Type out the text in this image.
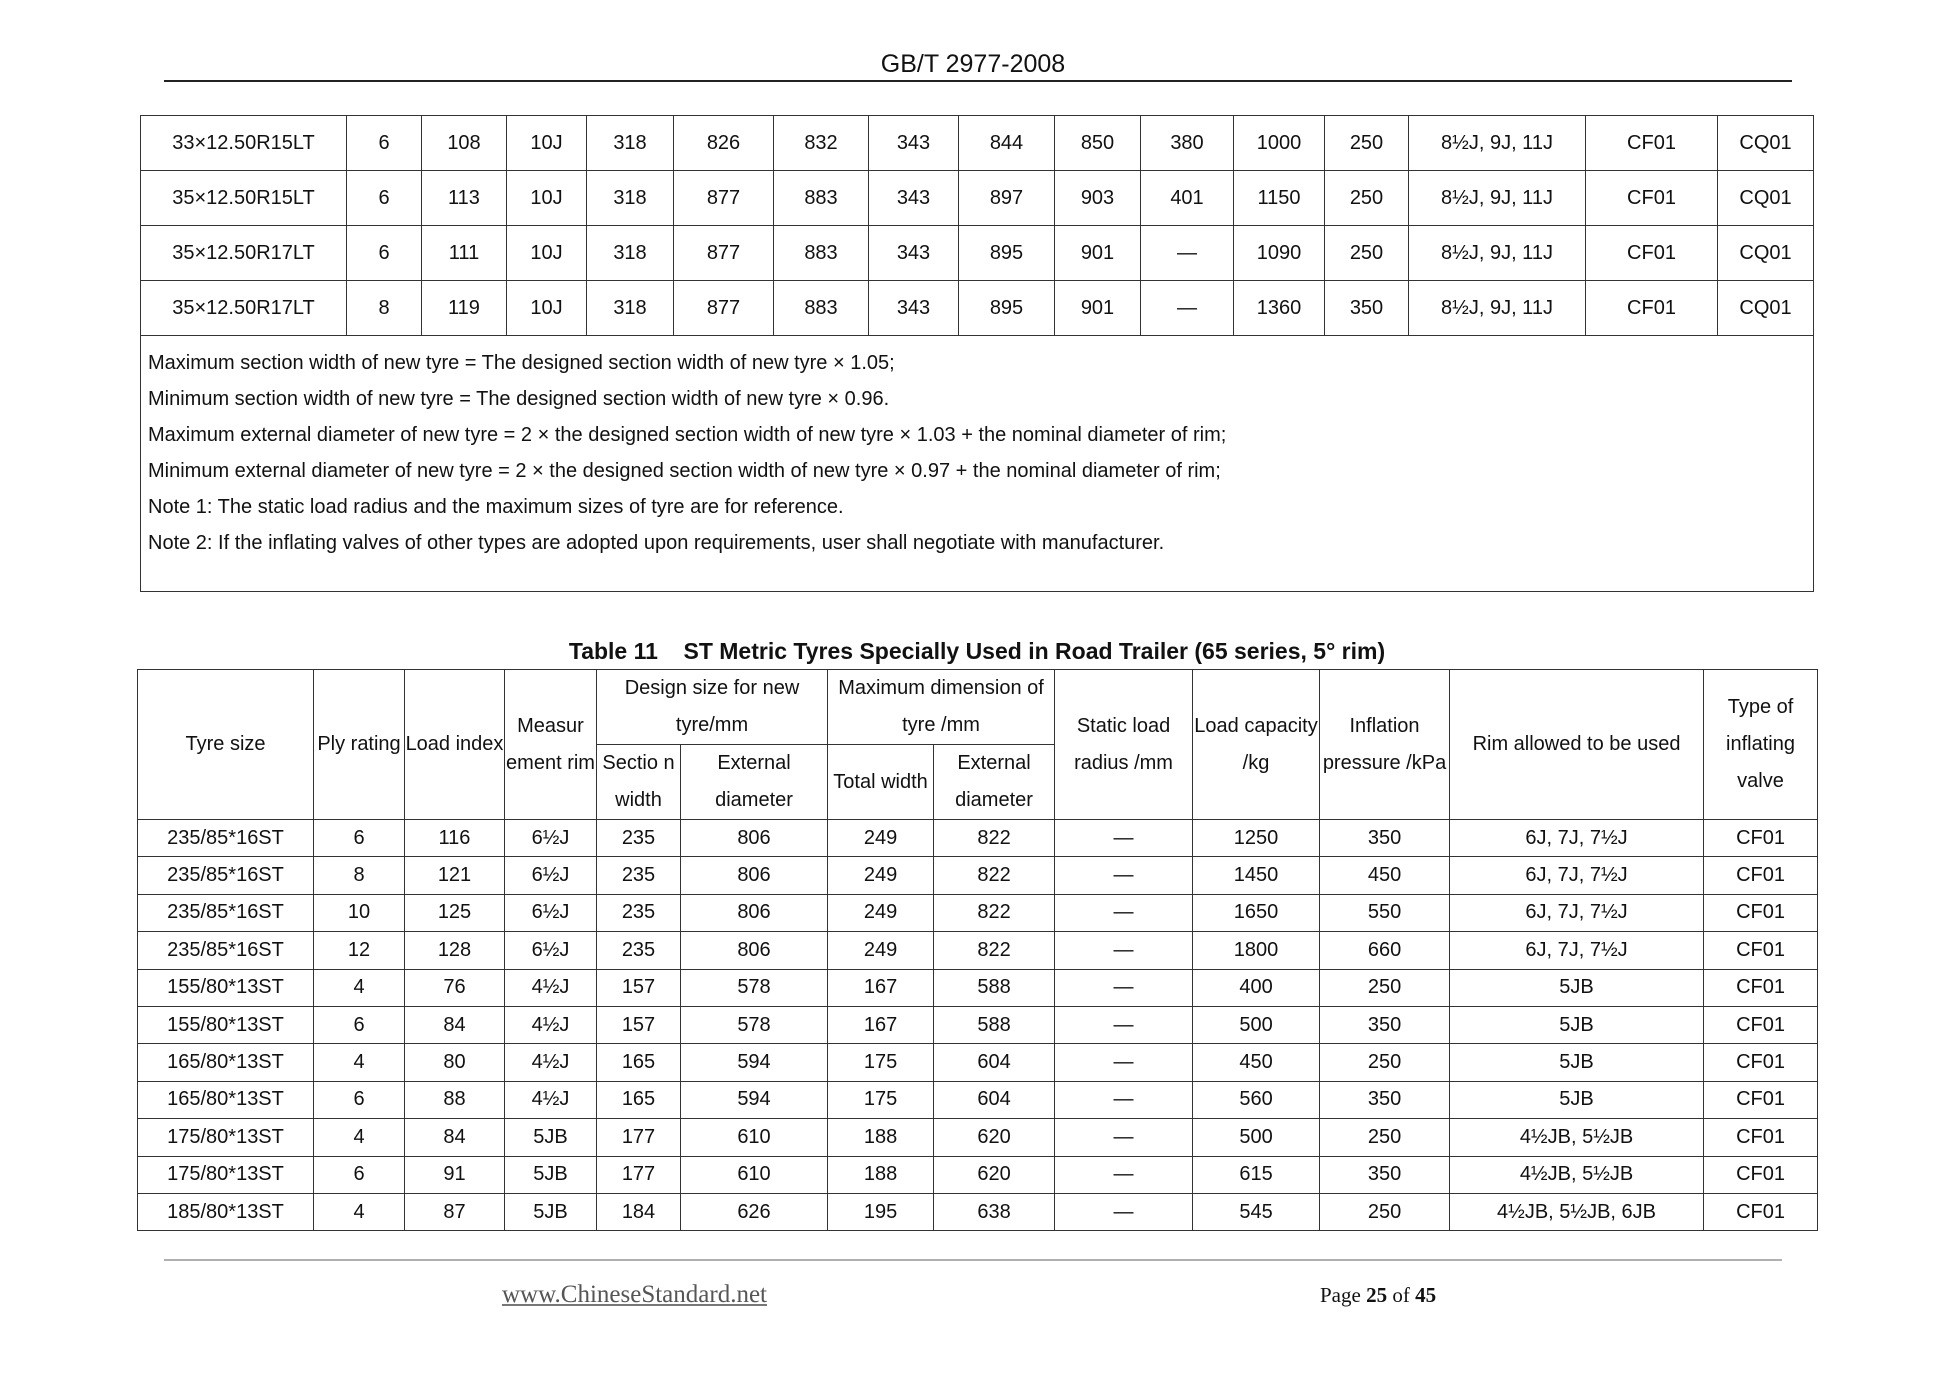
GB/T 2977-2008
33×12.50R15LT	6	108	10J	318	826	832	343	844	850	380	1000	250	8½J, 9J, 11J	CF01	CQ01
35×12.50R15LT	6	113	10J	318	877	883	343	897	903	401	1150	250	8½J, 9J, 11J	CF01	CQ01
35×12.50R17LT	6	111	10J	318	877	883	343	895	901	—	1090	250	8½J, 9J, 11J	CF01	CQ01
35×12.50R17LT	8	119	10J	318	877	883	343	895	901	—	1360	350	8½J, 9J, 11J	CF01	CQ01

Maximum section width of new tyre = The designed section width of new tyre × 1.05;
Minimum section width of new tyre = The designed section width of new tyre × 0.96.
Maximum external diameter of new tyre = 2 × the designed section width of new tyre × 1.03 + the nominal diameter of rim;
Minimum external diameter of new tyre = 2 × the designed section width of new tyre × 0.97 + the nominal diameter of rim;
Note 1: The static load radius and the maximum sizes of tyre are for reference.
Note 2: If the inflating valves of other types are adopted upon requirements, user shall negotiate with manufacturer.
Table 11    ST Metric Tyres Specially Used in Road Trailer (65 series, 5° rim)
Tyre size	Ply rating	Load index	Measur ement rim	Design size for new tyre/mm		Maximum dimension of tyre /mm		Static load radius /mm	Load capacity /kg	Inflation pressure /kPa	Rim allowed to be used	Type of inflating valve
				Sectio n width	External diameter	Total width	External diameter					
235/85*16ST	6	116	6½J	235	806	249	822	—	1250	350	6J, 7J, 7½J	CF01
235/85*16ST	8	121	6½J	235	806	249	822	—	1450	450	6J, 7J, 7½J	CF01
235/85*16ST	10	125	6½J	235	806	249	822	—	1650	550	6J, 7J, 7½J	CF01
235/85*16ST	12	128	6½J	235	806	249	822	—	1800	660	6J, 7J, 7½J	CF01
155/80*13ST	4	76	4½J	157	578	167	588	—	400	250	5JB	CF01
155/80*13ST	6	84	4½J	157	578	167	588	—	500	350	5JB	CF01
165/80*13ST	4	80	4½J	165	594	175	604	—	450	250	5JB	CF01
165/80*13ST	6	88	4½J	165	594	175	604	—	560	350	5JB	CF01
175/80*13ST	4	84	5JB	177	610	188	620	—	500	250	4½JB, 5½JB	CF01
175/80*13ST	6	91	5JB	177	610	188	620	—	615	350	4½JB, 5½JB	CF01
185/80*13ST	4	87	5JB	184	626	195	638	—	545	250	4½JB, 5½JB, 6JB	CF01
www.ChineseStandard.net	Page 25 of 45
